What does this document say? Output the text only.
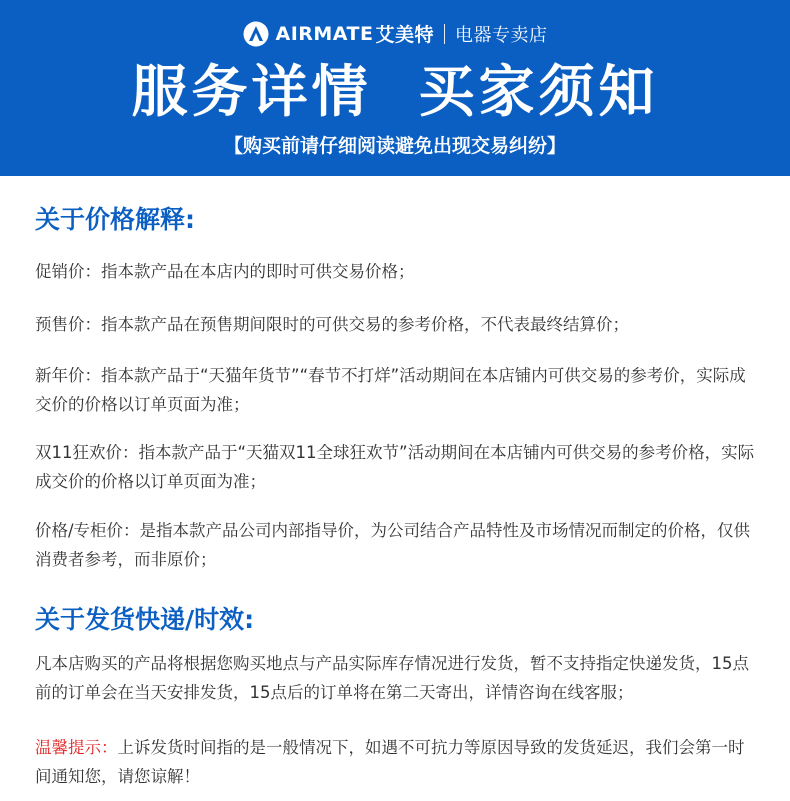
AIRMATE 艾美特 电器专卖店
服务详情  买家须知
【购买前请仔细阅读避免出现交易纠纷】
关于价格解释:
促销价：指本款产品在本店内的即时可供交易价格；
预售价：指本款产品在预售期间限时的可供交易的参考价格，不代表最终结算价；
新年价：指本款产品于“天猫年货节”“春节不打烊”活动期间在本店铺内可供交易的参考价，实际成交价的价格以订单页面为准；
双11狂欢价：指本款产品于“天猫双11全球狂欢节”活动期间在本店铺内可供交易的参考价格，实际成交价的价格以订单页面为准；
价格/专柜价：是指本款产品公司内部指导价，为公司结合产品特性及市场情况而制定的价格，仅供消费者参考，而非原价；
关于发货快递/时效:
凡本店购买的产品将根据您购买地点与产品实际库存情况进行发货，暂不支持指定快递发货，15点前的订单会在当天安排发货，15点后的订单将在第二天寄出，详情咨询在线客服；
温馨提示：上诉发货时间指的是一般情况下，如遇不可抗力等原因导致的发货延迟，我们会第一时间通知您，请您谅解！
